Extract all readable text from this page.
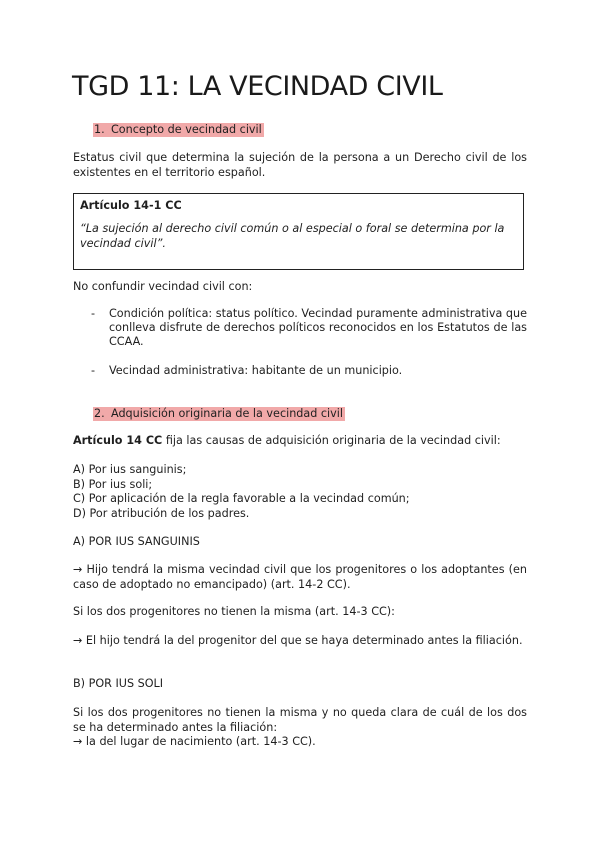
TGD 11: LA VECINDAD CIVIL
1. Concepto de vecindad civil
Estatus civil que determina la sujeción de la persona a un Derecho civil de los existentes en el territorio español.
Artículo 14-1 CC
“La sujeción al derecho civil común o al especial o foral se determina por la vecindad civil”.
No confundir vecindad civil con:
- Condición política: status político. Vecindad puramente administrativa que conlleva disfrute de derechos políticos reconocidos en los Estatutos de las CCAA.
- Vecindad administrativa: habitante de un municipio.
2. Adquisición originaria de la vecindad civil
Artículo 14 CC fija las causas de adquisición originaria de la vecindad civil:
A) Por ius sanguinis;
B) Por ius soli;
C) Por aplicación de la regla favorable a la vecindad común;
D) Por atribución de los padres.
A) POR IUS SANGUINIS
→ Hijo tendrá la misma vecindad civil que los progenitores o los adoptantes (en caso de adoptado no emancipado) (art. 14-2 CC).
Si los dos progenitores no tienen la misma (art. 14-3 CC):
→ El hijo tendrá la del progenitor del que se haya determinado antes la filiación.
B) POR IUS SOLI
Si los dos progenitores no tienen la misma y no queda clara de cuál de los dos se ha determinado antes la filiación:
→ la del lugar de nacimiento (art. 14-3 CC).
